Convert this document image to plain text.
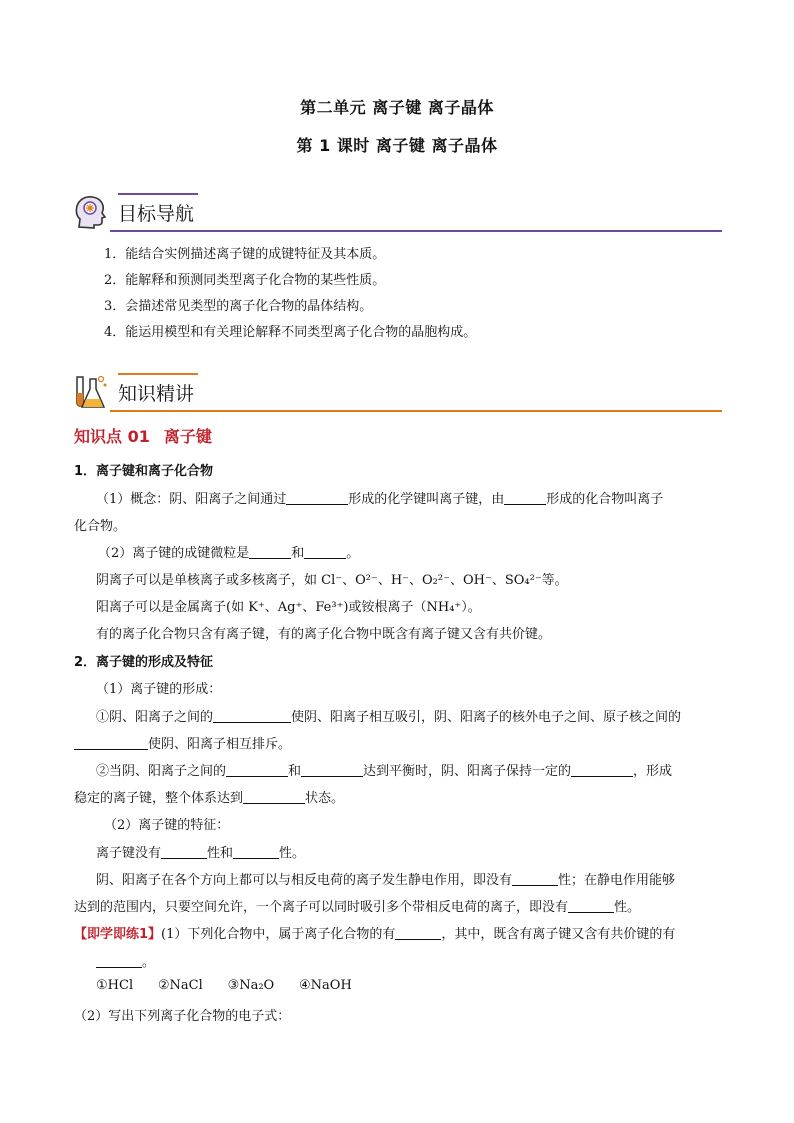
第二单元 离子键 离子晶体
第 1 课时 离子键 离子晶体
目标导航
1．能结合实例描述离子键的成键特征及其本质。
2．能解释和预测同类型离子化合物的某些性质。
3．会描述常见类型的离子化合物的晶体结构。
4．能运用模型和有关理论解释不同类型离子化合物的晶胞构成。
知识精讲
知识点 01 离子键
1．离子键和离子化合物
（1）概念：阴、阳离子之间通过	形成的化学键叫离子键，由	形成的化合物叫离子
化合物。
（2）离子键的成键微粒是	和	。
阴离子可以是单核离子或多核离子，如 Cl⁻、O²⁻、H⁻、O₂²⁻、OH⁻、SO₄²⁻等。
阳离子可以是金属离子(如 K⁺、Ag⁺、Fe³⁺)或铵根离子（NH₄⁺）。
有的离子化合物只含有离子键，有的离子化合物中既含有离子键又含有共价键。
2．离子键的形成及特征
（1）离子键的形成：
①阴、阳离子之间的	使阴、阳离子相互吸引，阴、阳离子的核外电子之间、原子核之间的
使阴、阳离子相互排斥。
②当阴、阳离子之间的	和	达到平衡时，阴、阳离子保持一定的	，形成
稳定的离子键，整个体系达到	状态。
（2）离子键的特征：
离子键没有	性和	性。
阴、阳离子在各个方向上都可以与相反电荷的离子发生静电作用，即没有	性；在静电作用能够
达到的范围内，只要空间允许，一个离子可以同时吸引多个带相反电荷的离子，即没有	性。
【即学即练1】(1）下列化合物中，属于离子化合物的有	，其中，既含有离子键又含有共价键的有
。
①HCl      ②NaCl      ③Na₂O      ④NaOH
（2）写出下列离子化合物的电子式：
